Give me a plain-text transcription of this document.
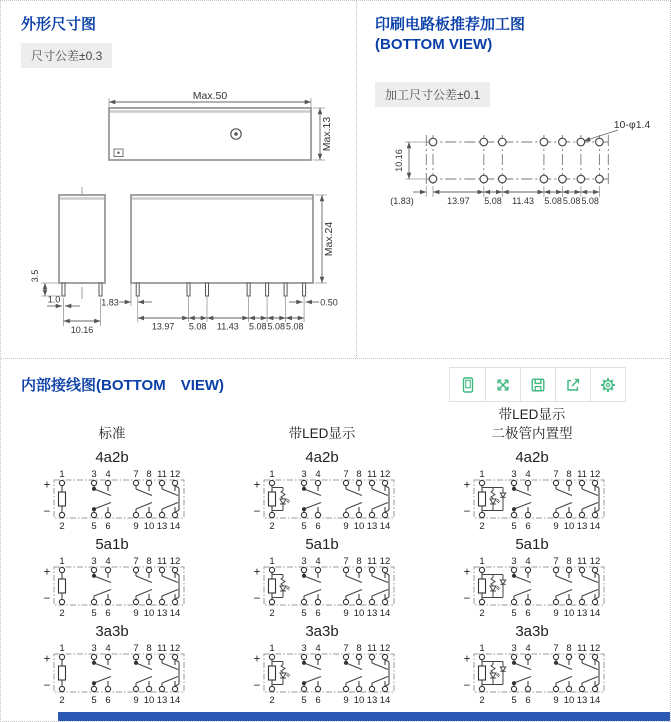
外形尺寸图
尺寸公差±0.3
Max.50
Max.13
3.5
1.0
10.16
Max.24
1.83	0.50
13.97 5.08 11.43 5.08 5.08 5.08
印刷电路板推荐加工图
(BOTTOM VIEW)

加工尺寸公差±0.1
10-φ1.4
10.16
(1.83)	13.97 5.08 11.43 5.08 5.08 5.08
内部接线图(BOTTOM　VIEW)
标准	带LED显示
带LED显示
二极管内置型
4a2b
1	3 4 7 8 11 12
2	5 6 9 10 13 14
+
−
4a2b
1	3 4 7 8 11 12
2	5 6 9 10 13 14
+
−
4a2b
1	3 4 7 8 11 12
2	5 6 9 10 13 14
+
−
5a1b
1	3 4 7 8 11 12
2	5 6 9 10 13 14
+
−
5a1b
1	3 4 7 8 11 12
2	5 6 9 10 13 14
+
−
5a1b
1	3 4 7 8 11 12
2	5 6 9 10 13 14
+
−
3a3b
1	3 4 7 8 11 12
2	5 6 9 10 13 14
+
−
3a3b
1	3 4 7 8 11 12
2	5 6 9 10 13 14
+
−
3a3b
1	3 4 7 8 11 12
2	5 6 9 10 13 14
+
−
